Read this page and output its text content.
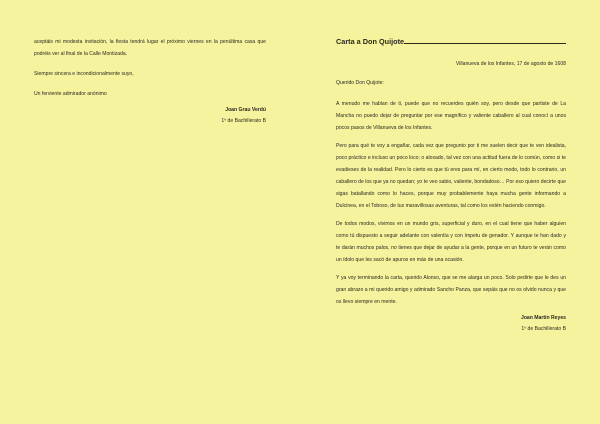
aceptáis mi modesta invitación, la fiesta tendrá lugar el próximo viernes en la penúltima casa que podréis ver al final de la Calle Montizada.

Siempre sincera e incondicionalmente suyo,

Un ferviente admirador anónimo

Joan Grau Verdú
1º de Bachillerato B
Carta a Don Quijote
Villanueva de los Infantes, 17 de agosto de 1608
Querido Don Quijote:

A menudo me hablan de ti, puede que no recuerdes quién soy, pero desde que partiste de La Mancha no puedo dejar de preguntar por ese magnífico y valiente caballero al cual conocí a unos pocos pasos de Villanueva de los Infantes.

Pero para qué te voy a engañar, cada vez que pregunto por ti me suelen decir que te ven idealista, poco práctico e incluso un poco loco; o aloxado, tal vez con una actitud fuera de lo común, como si te evadieses de la realidad. Pero lo cierto es que tú eres para mí, en cierto modo, todo lo contrario, un caballero de los que ya no quedan; yo te veo sabio, valiente, bondadoso… Por eso quiero decirte que sigas batallando como lo haces, porque muy probablemente haya mucha gente informando a Dulcinea, en el Toboso, de tus maravillosas aventuras, tal como los estén haciendo conmigo.

De todos modos, vivimos en un mundo gris, superficial y duro, en el cual tiene que haber alguien como tú dispuesto a seguir adelante con valentía y con ímpetu de genador. Y aunque te han dado y te darán muchos palos, no tienes que dejar de ayudar a la gente, porque en un futuro te verán como un ídolo que les sacó de apuros en más de una ocasión.

Y ya voy terminando la carta, querido Alonso, que se me alarga un poco. Solo pedirte que le des un gran abrazo a mi querido amigo y admirado Sancho Panza, que sepáis que no os olvido nunca y que os llevo siempre en mente.

Joan Martín Reyes
1º de Bachillerato B
